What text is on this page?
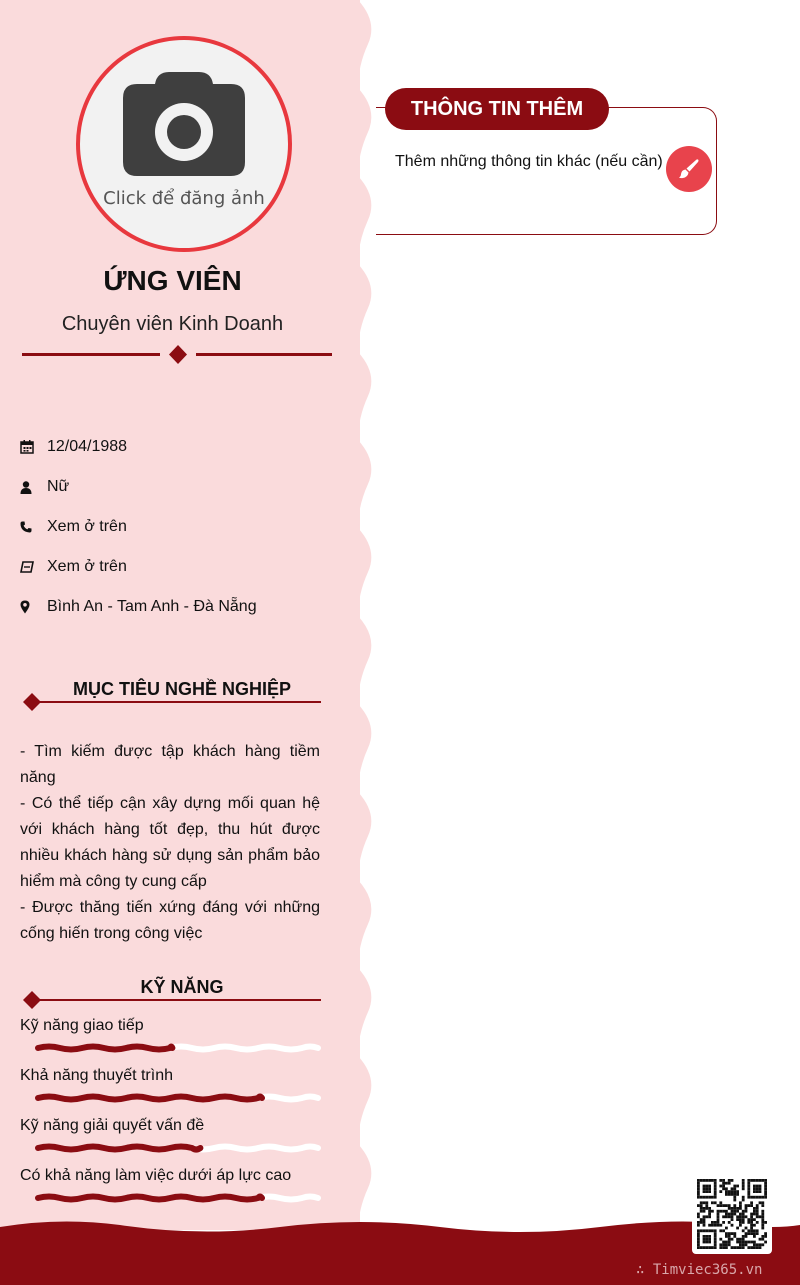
Click để đăng ảnh
ỨNG VIÊN
Chuyên viên Kinh Doanh
12/04/1988
Nữ
Xem ở trên
Xem ở trên
Bình An - Tam Anh - Đà Nẵng
MỤC TIÊU NGHỀ NGHIỆP

- Tìm kiếm được tập khách hàng tiềm năng

- Có thể tiếp cận xây dựng mối quan hệ với khách hàng tốt đẹp, thu hút được nhiều khách hàng sử dụng sản phẩm bảo hiểm mà công ty cung cấp

- Được thăng tiến xứng đáng với những cống hiến trong công việc

KỸ NĂNG
Kỹ năng giao tiếp
Khả năng thuyết trình
Kỹ năng giải quyết vấn đề
Có khả năng làm việc dưới áp lực cao
THÔNG TIN THÊM
Thêm những thông tin khác (nếu cần)
∴ Timviec365.vn
